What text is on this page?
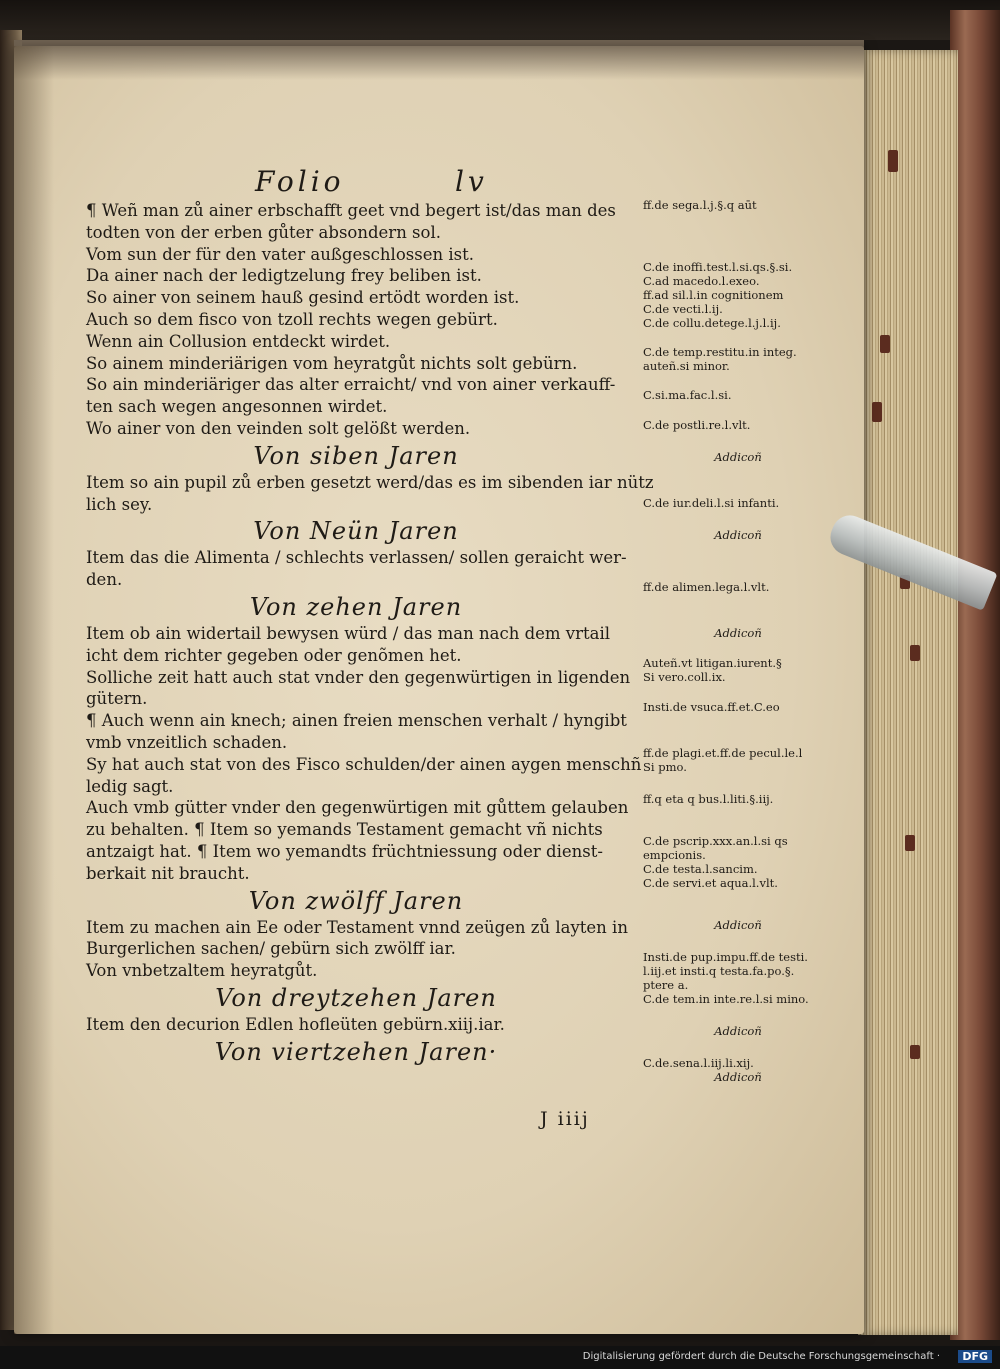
Folio	lv
¶ Weñ man zů ainer erbschafft geet vnd begert ist/das man des
todten von der erben gůter absondern sol.
Vom sun der für den vater außgeschlossen ist.
Da ainer nach der ledigtzelung frey beliben ist.
So ainer von seinem hauß gesind ertödt worden ist.
Auch so dem fisco von tzoll rechts wegen gebürt.
Wenn ain Collusion entdeckt wirdet.
So ainem minderiärigen vom heyratgůt nichts solt gebürn.
So ain minderiäriger das alter erraicht/ vnd von ainer verkauff-
ten sach wegen angesonnen wirdet.
Wo ainer von den veinden solt gelößt werden.
Von siben Jaren
Item so ain pupil zů erben gesetzt werd/das es im sibenden iar nütz
lich sey.
Von Neün Jaren
Item das die Alimenta / schlechts verlassen/ sollen geraicht wer-
den.
Von zehen Jaren
Item ob ain widertail bewysen würd / das man nach dem vrtail
icht dem richter gegeben oder genõmen het.
Solliche zeit hatt auch stat vnder den gegenwürtigen in ligenden
gütern.
¶ Auch wenn ain knech; ainen freien menschen verhalt / hyngibt
vmb vnzeitlich schaden.
Sy hat auch stat von des Fisco schulden/der ainen aygen menschñ
ledig sagt.
Auch vmb gütter vnder den gegenwürtigen mit gůttem gelauben
zu behalten. ¶ Item so yemands Testament gemacht vñ nichts
antzaigt hat. ¶ Item wo yemandts früchtniessung oder dienst-
berkait nit braucht.
Von zwölff Jaren
Item zu machen ain Ee oder Testament vnnd zeügen zů layten in
Burgerlichen sachen/ gebürn sich zwölff iar.
Von vnbetzaltem heyratgůt.
Von dreytzehen Jaren
Item den decurion Edlen hofleüten gebürn.xiij.iar.
Von viertzehen Jaren·
ff.de sega.l.j.§.q aūt
C.de inoffi.test.l.si.qs.§.si.
C.ad macedo.l.exeo.
ff.ad sil.l.in cognitionem
C.de vecti.l.ij.
C.de collu.detege.l.j.l.ij.
C.de temp.restitu.in integ.
auteñ.si minor.
C.si.ma.fac.l.si.
C.de postli.re.l.vlt.
Addicoñ
C.de iur.deli.l.si infanti.
Addicoñ
ff.de alimen.lega.l.vlt.
Addicoñ
Auteñ.vt litigan.iurent.§
Si vero.coll.ix.
Insti.de vsuca.ff.et.C.eo
ff.de plagi.et.ff.de pecul.le.l
Si pmo.
ff.q eta q bus.l.liti.§.iij.
C.de pscrip.xxx.an.l.si qs
empcionis.
C.de testa.l.sancim.
C.de servi.et aqua.l.vlt.
Addicoñ
Insti.de pup.impu.ff.de testi.
l.iij.et insti.q testa.fa.po.§.
ptere a.
C.de tem.in inte.re.l.si mino.
Addicoñ
C.de.sena.l.iij.li.xij.
Addicoñ
J iiij
Digitalisierung gefördert durch die Deutsche Forschungsgemeinschaft ·	DFG
